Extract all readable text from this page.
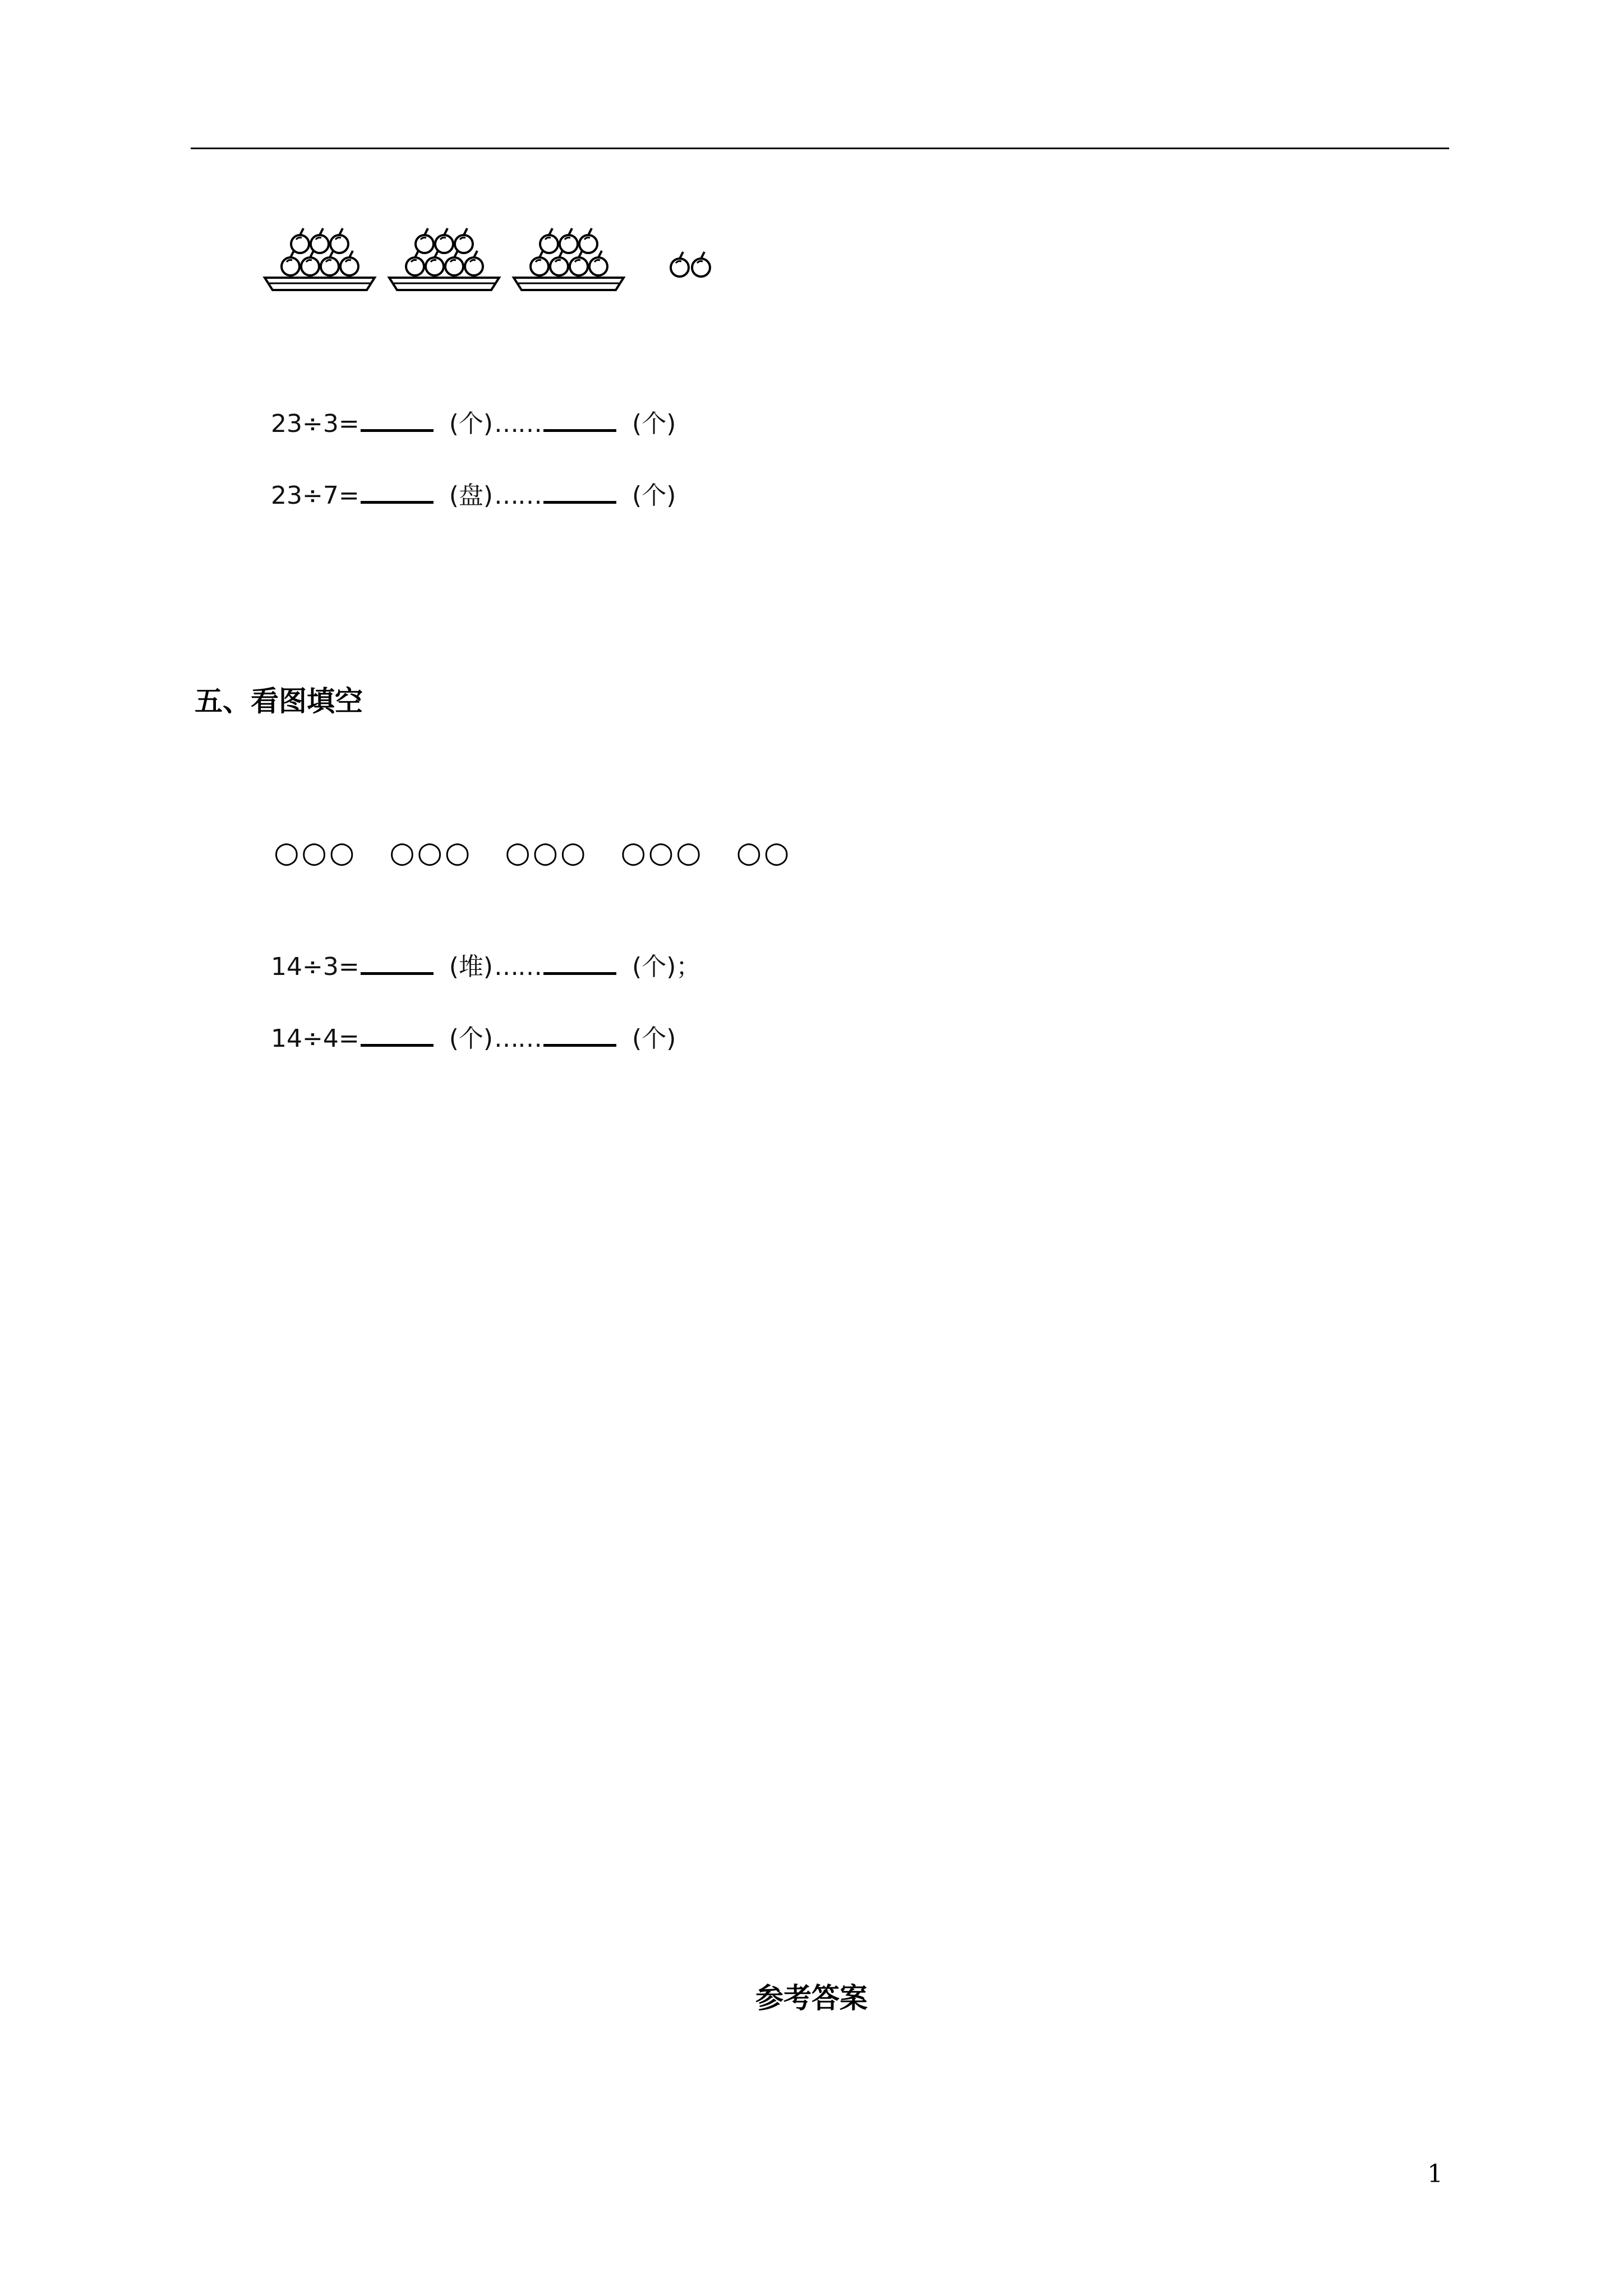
23÷3=	(个)……	(个)

23÷7=	(盘)……	(个)

五、看图填空

○○○ ○○○ ○○○ ○○○ ○○

14÷3=	(堆)……	(个)；

14÷4=	(个)……	(个)

参考答案
1
